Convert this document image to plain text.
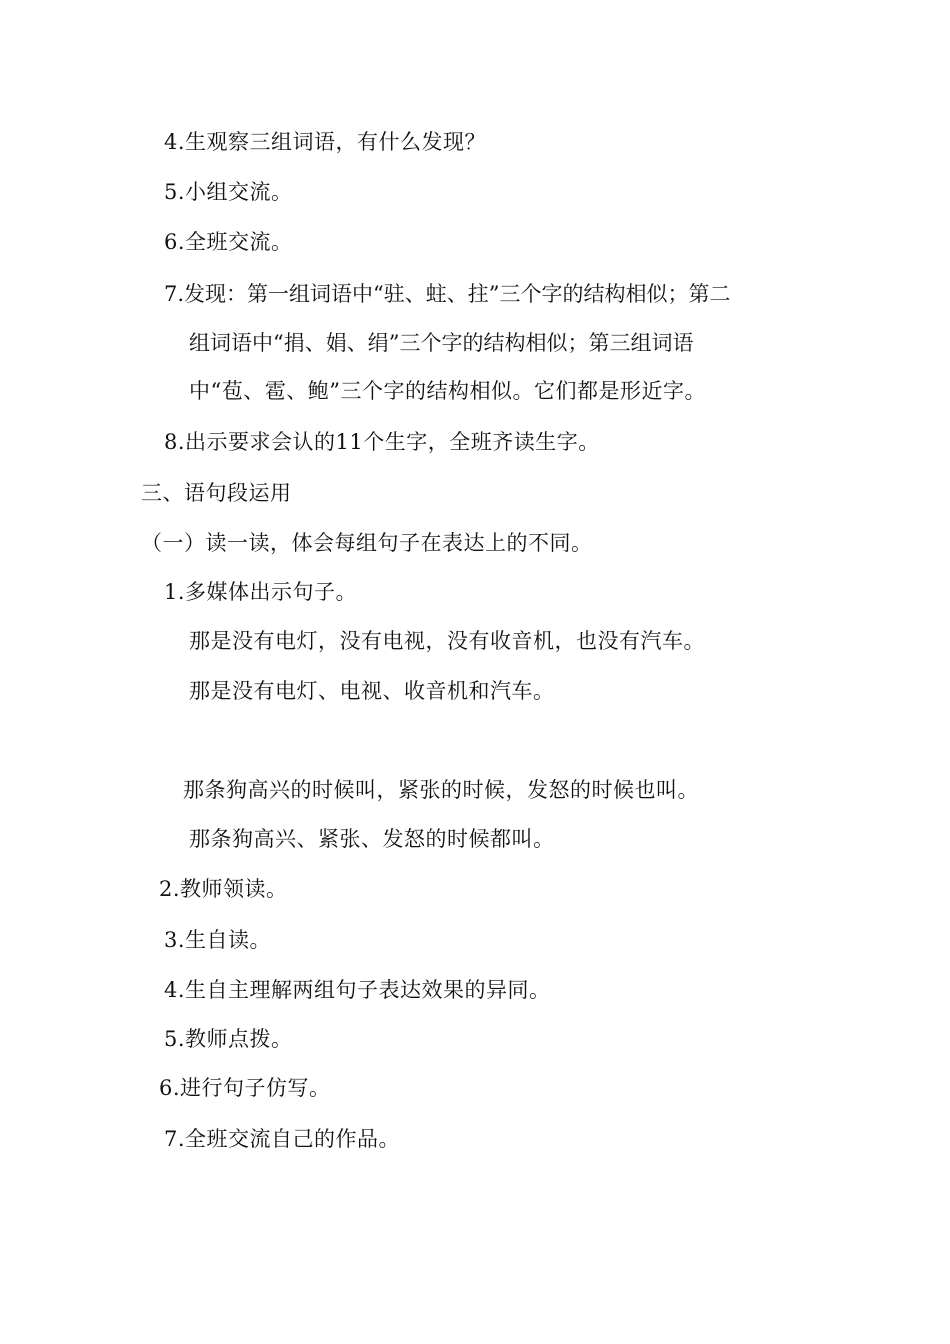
4.生观察三组词语，有什么发现？
5.小组交流。
6.全班交流。
7.发现：第一组词语中“驻、蛀、拄”三个字的结构相似；第二
组词语中“捐、娟、绢”三个字的结构相似；第三组词语
中“苞、雹、鲍”三个字的结构相似。它们都是形近字。
8.出示要求会认的11个生字，全班齐读生字。
三、语句段运用
（一）读一读，体会每组句子在表达上的不同。
1.多媒体出示句子。
那是没有电灯，没有电视，没有收音机，也没有汽车。
那是没有电灯、电视、收音机和汽车。
那条狗高兴的时候叫，紧张的时候，发怒的时候也叫。
那条狗高兴、紧张、发怒的时候都叫。
2.教师领读。
3.生自读。
4.生自主理解两组句子表达效果的异同。
5.教师点拨。
6.进行句子仿写。
7.全班交流自己的作品。
